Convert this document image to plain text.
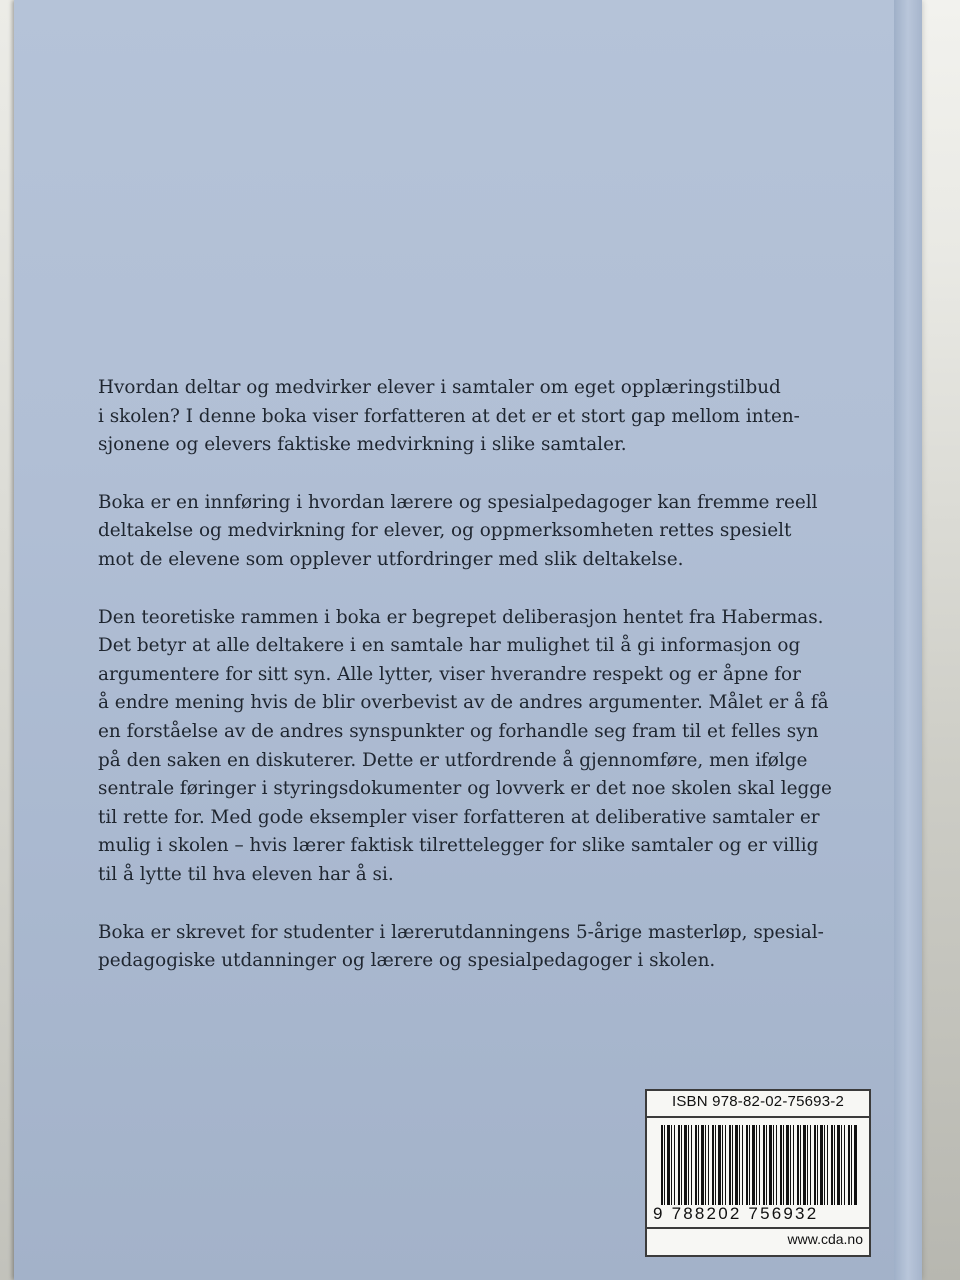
Hvordan deltar og medvirker elever i samtaler om eget opplæringstilbud
i skolen? I denne boka viser forfatteren at det er et stort gap mellom inten-
sjonene og elevers faktiske medvirkning i slike samtaler.

Boka er en innføring i hvordan lærere og spesialpedagoger kan fremme reell
deltakelse og medvirkning for elever, og oppmerksomheten rettes spesielt
mot de elevene som opplever utfordringer med slik deltakelse.

Den teoretiske rammen i boka er begrepet deliberasjon hentet fra Habermas.
Det betyr at alle deltakere i en samtale har mulighet til å gi informasjon og
argumentere for sitt syn. Alle lytter, viser hverandre respekt og er åpne for
å endre mening hvis de blir overbevist av de andres argumenter. Målet er å få
en forståelse av de andres synspunkter og forhandle seg fram til et felles syn
på den saken en diskuterer. Dette er utfordrende å gjennomføre, men ifølge
sentrale føringer i styringsdokumenter og lovverk er det noe skolen skal legge
til rette for. Med gode eksempler viser forfatteren at deliberative samtaler er
mulig i skolen – hvis lærer faktisk tilrettelegger for slike samtaler og er villig
til å lytte til hva eleven har å si.

Boka er skrevet for studenter i lærerutdanningens 5-årige masterløp, spesial-
pedagogiske utdanninger og lærere og spesialpedagoger i skolen.

ISBN 978-82-02-75693-2
9 788202 756932
www.cda.no
